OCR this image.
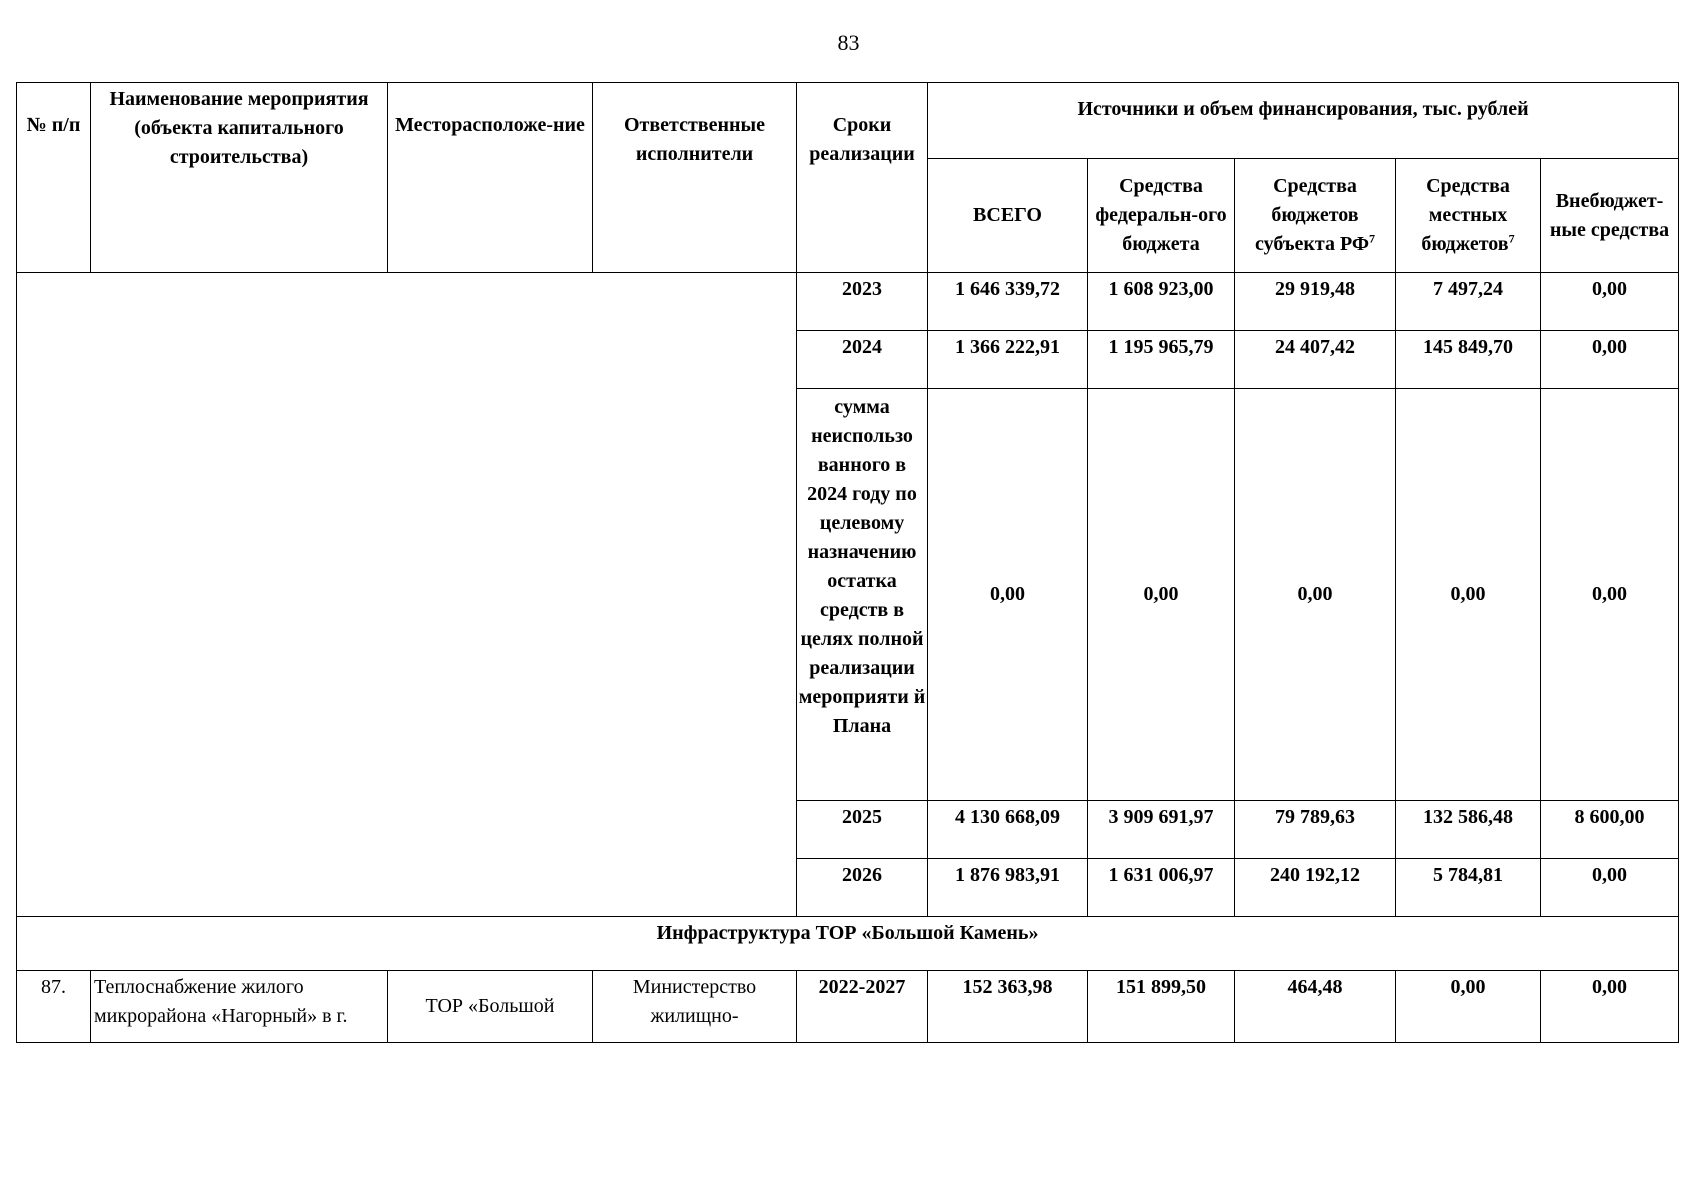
83
№ п/п	Наименование мероприятия (объекта капитального строительства)	Месторасположе-ние	Ответственные исполнители	Сроки реализации	Источники и объем финансирования, тыс. рублей				
					ВСЕГО	Средства федеральн-ого бюджета	Средства бюджетов субъекта $РФ^7$	Средства местных бюджетов$^7$	Внебюджет-ные средства
				2023	1 646 339,72	1 608 923,00	29 919,48	7 497,24	0,00
				2024	1 366 222,91	1 195 965,79	24 407,42	145 849,70	0,00
				сумма неиспользо ванного в 2024 году по целевому назначению остатка средств в целях полной реализации мероприяти й Плана	0,00	0,00	0,00	0,00	0,00
				2025	4 130 668,09	3 909 691,97	79 789,63	132 586,48	8 600,00
				2026	1 876 983,91	1 631 006,97	240 192,12	5 784,81	0,00
Инфраструктура ТОР «Большой Камень»									
87.	Теплоснабжение жилого микрорайона «Нагорный» в г.	ТОР «Большой	Министерство жилищно-	2022-2027	152 363,98	151 899,50	464,48	0,00	0,00
